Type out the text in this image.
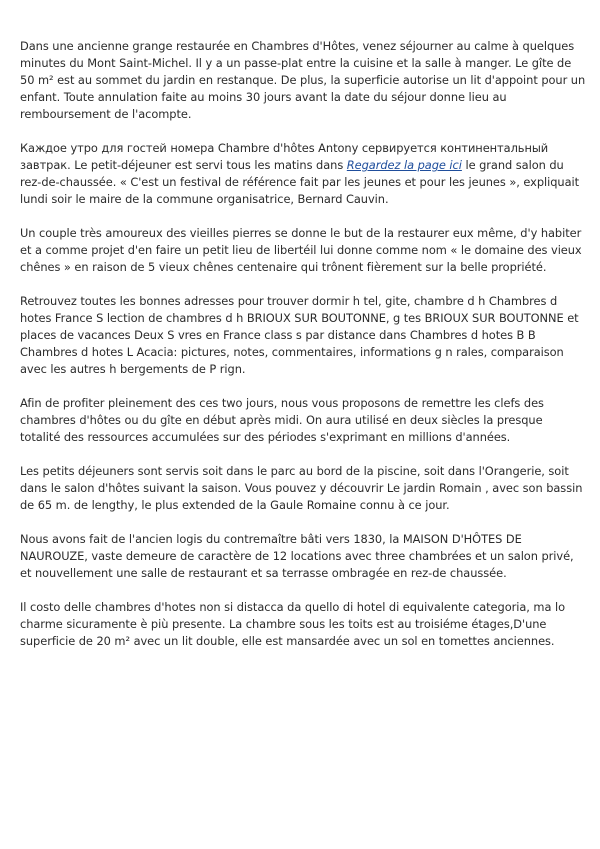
Dans une ancienne grange restaurée en Chambres d'Hôtes, venez séjourner au calme à quelques minutes du Mont Saint-Michel. Il y a un passe-plat entre la cuisine et la salle à manger. Le gîte de 50 m² est au sommet du jardin en restanque. De plus, la superficie autorise un lit d'appoint pour un enfant. Toute annulation faite au moins 30 jours avant la date du séjour donne lieu au remboursement de l'acompte.

Каждое утро для гостей номера Chambre d'hôtes Antony сервируется континентальный завтрак. Le petit-déjeuner est servi tous les matins dans Regardez la page ici le grand salon du rez-de-chaussée. « C'est un festival de référence fait par les jeunes et pour les jeunes », expliquait lundi soir le maire de la commune organisatrice, Bernard Cauvin.

Un couple très amoureux des vieilles pierres se donne le but de la restaurer eux même, d'y habiter et a comme projet d'en faire un petit lieu de libertéil lui donne comme nom « le domaine des vieux chênes » en raison de 5 vieux chênes centenaire qui trônent fièrement sur la belle propriété.

Retrouvez toutes les bonnes adresses pour trouver dormir h tel, gite, chambre d h Chambres d hotes France S lection de chambres d h BRIOUX SUR BOUTONNE, g tes BRIOUX SUR BOUTONNE et places de vacances Deux S vres en France class s par distance dans Chambres d hotes B B Chambres d hotes L Acacia: pictures, notes, commentaires, informations g n rales, comparaison avec les autres h bergements de P rign.

Afin de profiter pleinement des ces two jours, nous vous proposons de remettre les clefs des chambres d'hôtes ou du gîte en début après midi. On aura utilisé en deux siècles la presque totalité des ressources accumulées sur des périodes s'exprimant en millions d'années.

Les petits déjeuners sont servis soit dans le parc au bord de la piscine, soit dans l'Orangerie, soit dans le salon d'hôtes suivant la saison. Vous pouvez y découvrir Le jardin Romain , avec son bassin de 65 m. de lengthy, le plus extended de la Gaule Romaine connu à ce jour.

Nous avons fait de l'ancien logis du contremaître bâti vers 1830, la MAISON D'HÔTES DE NAUROUZE, vaste demeure de caractère de 12 locations avec three chambrées et un salon privé, et nouvellement une salle de restaurant et sa terrasse ombragée en rez-de chaussée.

Il costo delle chambres d'hotes non si distacca da quello di hotel di equivalente categoria, ma lo charme sicuramente è più presente. La chambre sous les toits est au troisiéme étages,D'une superficie de 20 m² avec un lit double, elle est mansardée avec un sol en tomettes anciennes.
